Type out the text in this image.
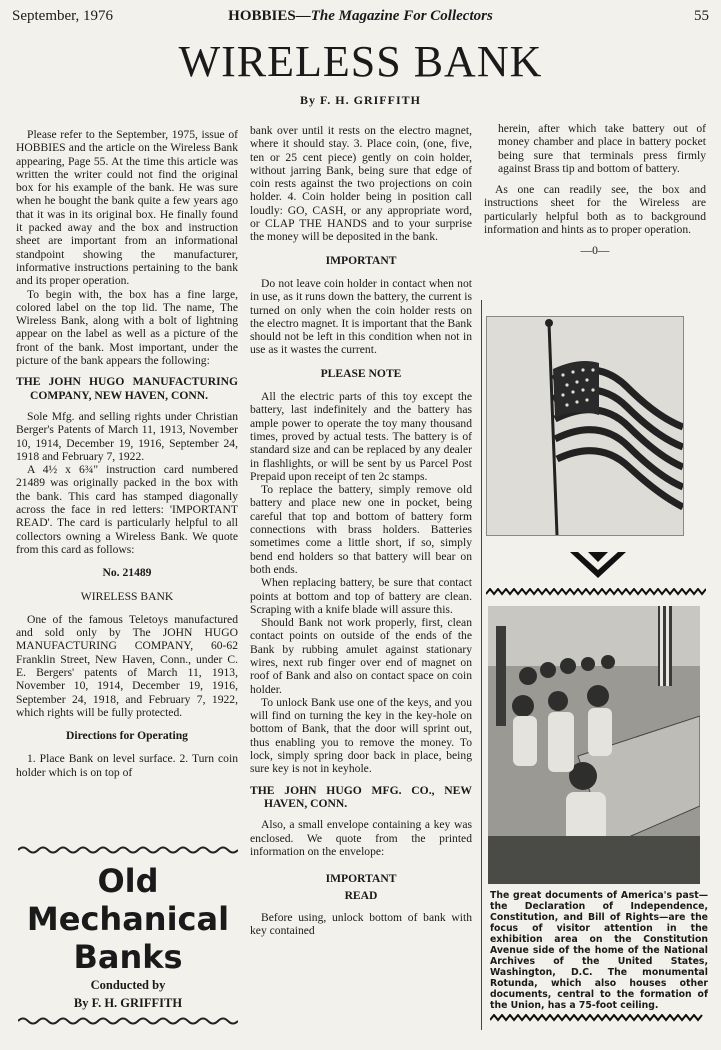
September, 1976	HOBBIES—The Magazine For Collectors	55
WIRELESS BANK
By F. H. GRIFFITH

Please refer to the September, 1975, issue of HOBBIES and the article on the Wireless Bank appearing, Page 55. At the time this article was written the writer could not find the original box for his example of the bank. He was sure when he bought the bank quite a few years ago that it was in its original box. He finally found it packed away and the box and instruction sheet are important from an informational standpoint showing the manufacturer, informative instructions pertaining to the bank and its proper operation.

To begin with, the box has a fine large, colored label on the top lid. The name, The Wireless Bank, along with a bolt of lightning appear on the label as well as a picture of the front of the bank. Most important, under the picture of the bank appears the following:

THE JOHN HUGO MANUFACTURING COMPANY, NEW HAVEN, CONN.

Sole Mfg. and selling rights under Christian Berger's Patents of March 11, 1913, November 10, 1914, December 19, 1916, September 24, 1918 and February 7, 1922.

A 4½ x 6¾" instruction card numbered 21489 was originally packed in the box with the bank. This card has stamped diagonally across the face in red letters: 'IMPORTANT READ'. The card is particularly helpful to all collectors owning a Wireless Bank. We quote from this card as follows:

No. 21489

WIRELESS BANK

One of the famous Teletoys manufactured and sold only by The JOHN HUGO MANUFACTURING COMPANY, 60-62 Franklin Street, New Haven, Conn., under C. E. Bergers' patents of March 11, 1913, November 10, 1914, December 19, 1916, September 24, 1918, and February 7, 1922, which rights will be fully protected.

Directions for Operating

1. Place Bank on level surface. 2. Turn coin holder which is on top of

Old
Mechanical
Banks
Conducted by
By F. H. GRIFFITH

bank over until it rests on the electro magnet, where it should stay. 3. Place coin, (one, five, ten or 25 cent piece) gently on coin holder, without jarring Bank, being sure that edge of coin rests against the two projections on coin holder. 4. Coin holder being in position call loudly: GO, CASH, or any appropriate word, or CLAP THE HANDS and to your surprise the money will be deposited in the bank.

IMPORTANT

Do not leave coin holder in contact when not in use, as it runs down the battery, the current is turned on only when the coin holder rests on the electro magnet. It is important that the Bank should not be left in this condition when not in use as it wastes the current.

PLEASE NOTE

All the electric parts of this toy except the battery, last indefinitely and the battery has ample power to operate the toy many thousand times, proved by actual tests. The battery is of standard size and can be replaced by any dealer in flashlights, or will be sent by us Parcel Post Prepaid upon receipt of ten 2c stamps.

To replace the battery, simply remove old battery and place new one in pocket, being careful that top and bottom of battery form connections with brass holders. Batteries sometimes come a little short, if so, simply bend end holders so that battery will bear on both ends.

When replacing battery, be sure that contact points at bottom and top of battery are clean. Scraping with a knife blade will assure this.

Should Bank not work properly, first, clean contact points on outside of the ends of the Bank by rubbing amulet against stationary wires, next rub finger over end of magnet on roof of Bank and also on contact space on coin holder.

To unlock Bank use one of the keys, and you will find on turning the key in the key-hole on bottom of Bank, that the door will sprint out, thus enabling you to remove the money. To lock, simply spring door back in place, being sure key is not in keyhole.

THE JOHN HUGO MFG. CO., NEW HAVEN, CONN.

Also, a small envelope containing a key was enclosed. We quote from the printed information on the envelope:

IMPORTANT

READ

Before using, unlock bottom of bank with key contained

herein, after which take battery out of money chamber and place in battery pocket being sure that terminals press firmly against Brass tip and bottom of battery.

As one can readily see, the box and instructions sheet for the Wireless are particularly helpful both as to background information and hints as to proper operation.

—0—

The great documents of America's past—the Declaration of Independence, Constitution, and Bill of Rights—are the focus of visitor attention in the exhibition area on the Constitution Avenue side of the home of the National Archives of the United States, Washington, D.C. The monumental Rotunda, which also houses other documents, central to the formation of the Union, has a 75-foot ceiling.
